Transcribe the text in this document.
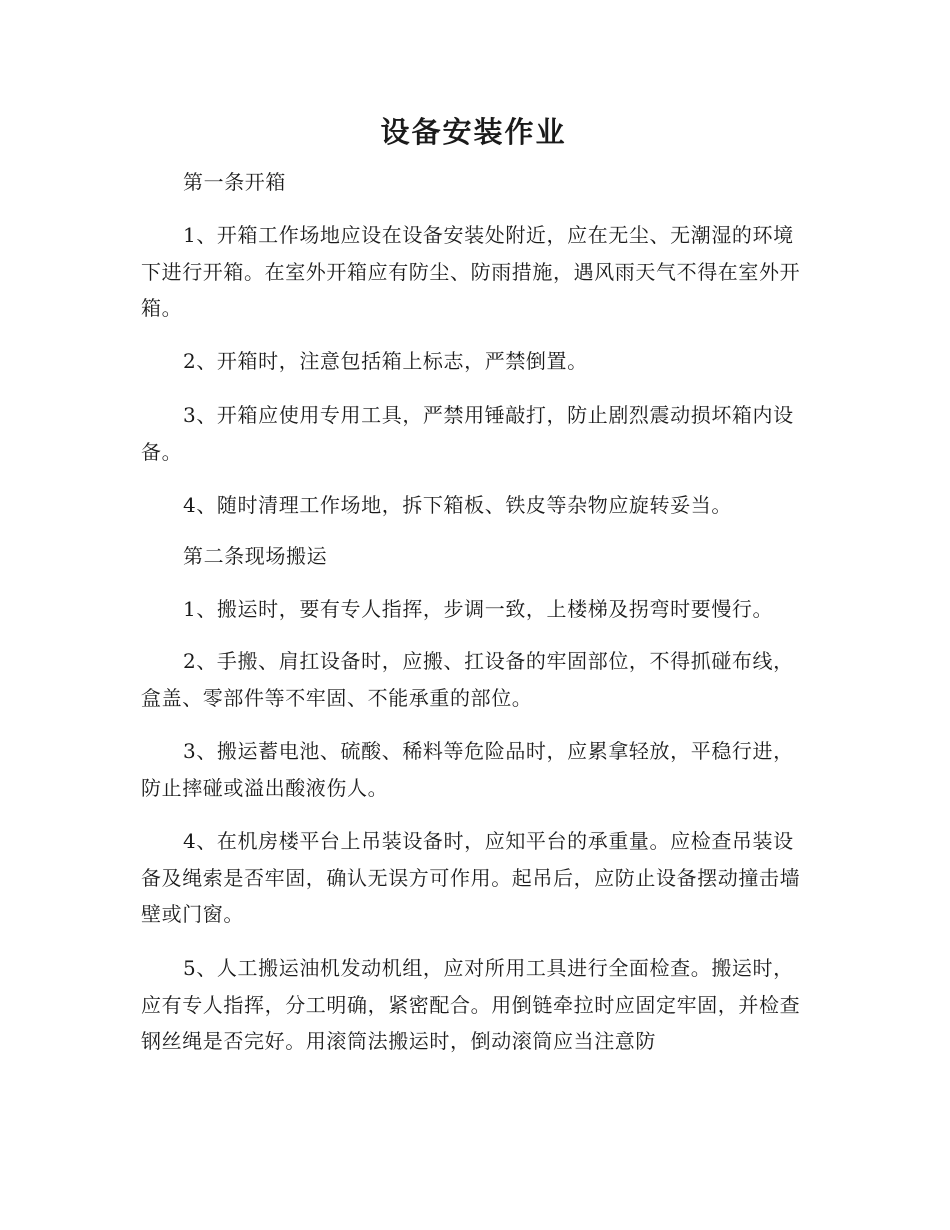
设备安装作业

第一条开箱

1、开箱工作场地应设在设备安装处附近，应在无尘、无潮湿的环境下进行开箱。在室外开箱应有防尘、防雨措施，遇风雨天气不得在室外开箱。

2、开箱时，注意包括箱上标志，严禁倒置。

3、开箱应使用专用工具，严禁用锤敲打，防止剧烈震动损坏箱内设备。

4、随时清理工作场地，拆下箱板、铁皮等杂物应旋转妥当。

第二条现场搬运

1、搬运时，要有专人指挥，步调一致，上楼梯及拐弯时要慢行。

2、手搬、肩扛设备时，应搬、扛设备的牢固部位，不得抓碰布线，盒盖、零部件等不牢固、不能承重的部位。

3、搬运蓄电池、硫酸、稀料等危险品时，应累拿轻放，平稳行进，防止摔碰或溢出酸液伤人。

4、在机房楼平台上吊装设备时，应知平台的承重量。应检查吊装设备及绳索是否牢固，确认无误方可作用。起吊后，应防止设备摆动撞击墙壁或门窗。

5、人工搬运油机发动机组，应对所用工具进行全面检查。搬运时，应有专人指挥，分工明确，紧密配合。用倒链牵拉时应固定牢固，并检查钢丝绳是否完好。用滚筒法搬运时，倒动滚筒应当注意防
